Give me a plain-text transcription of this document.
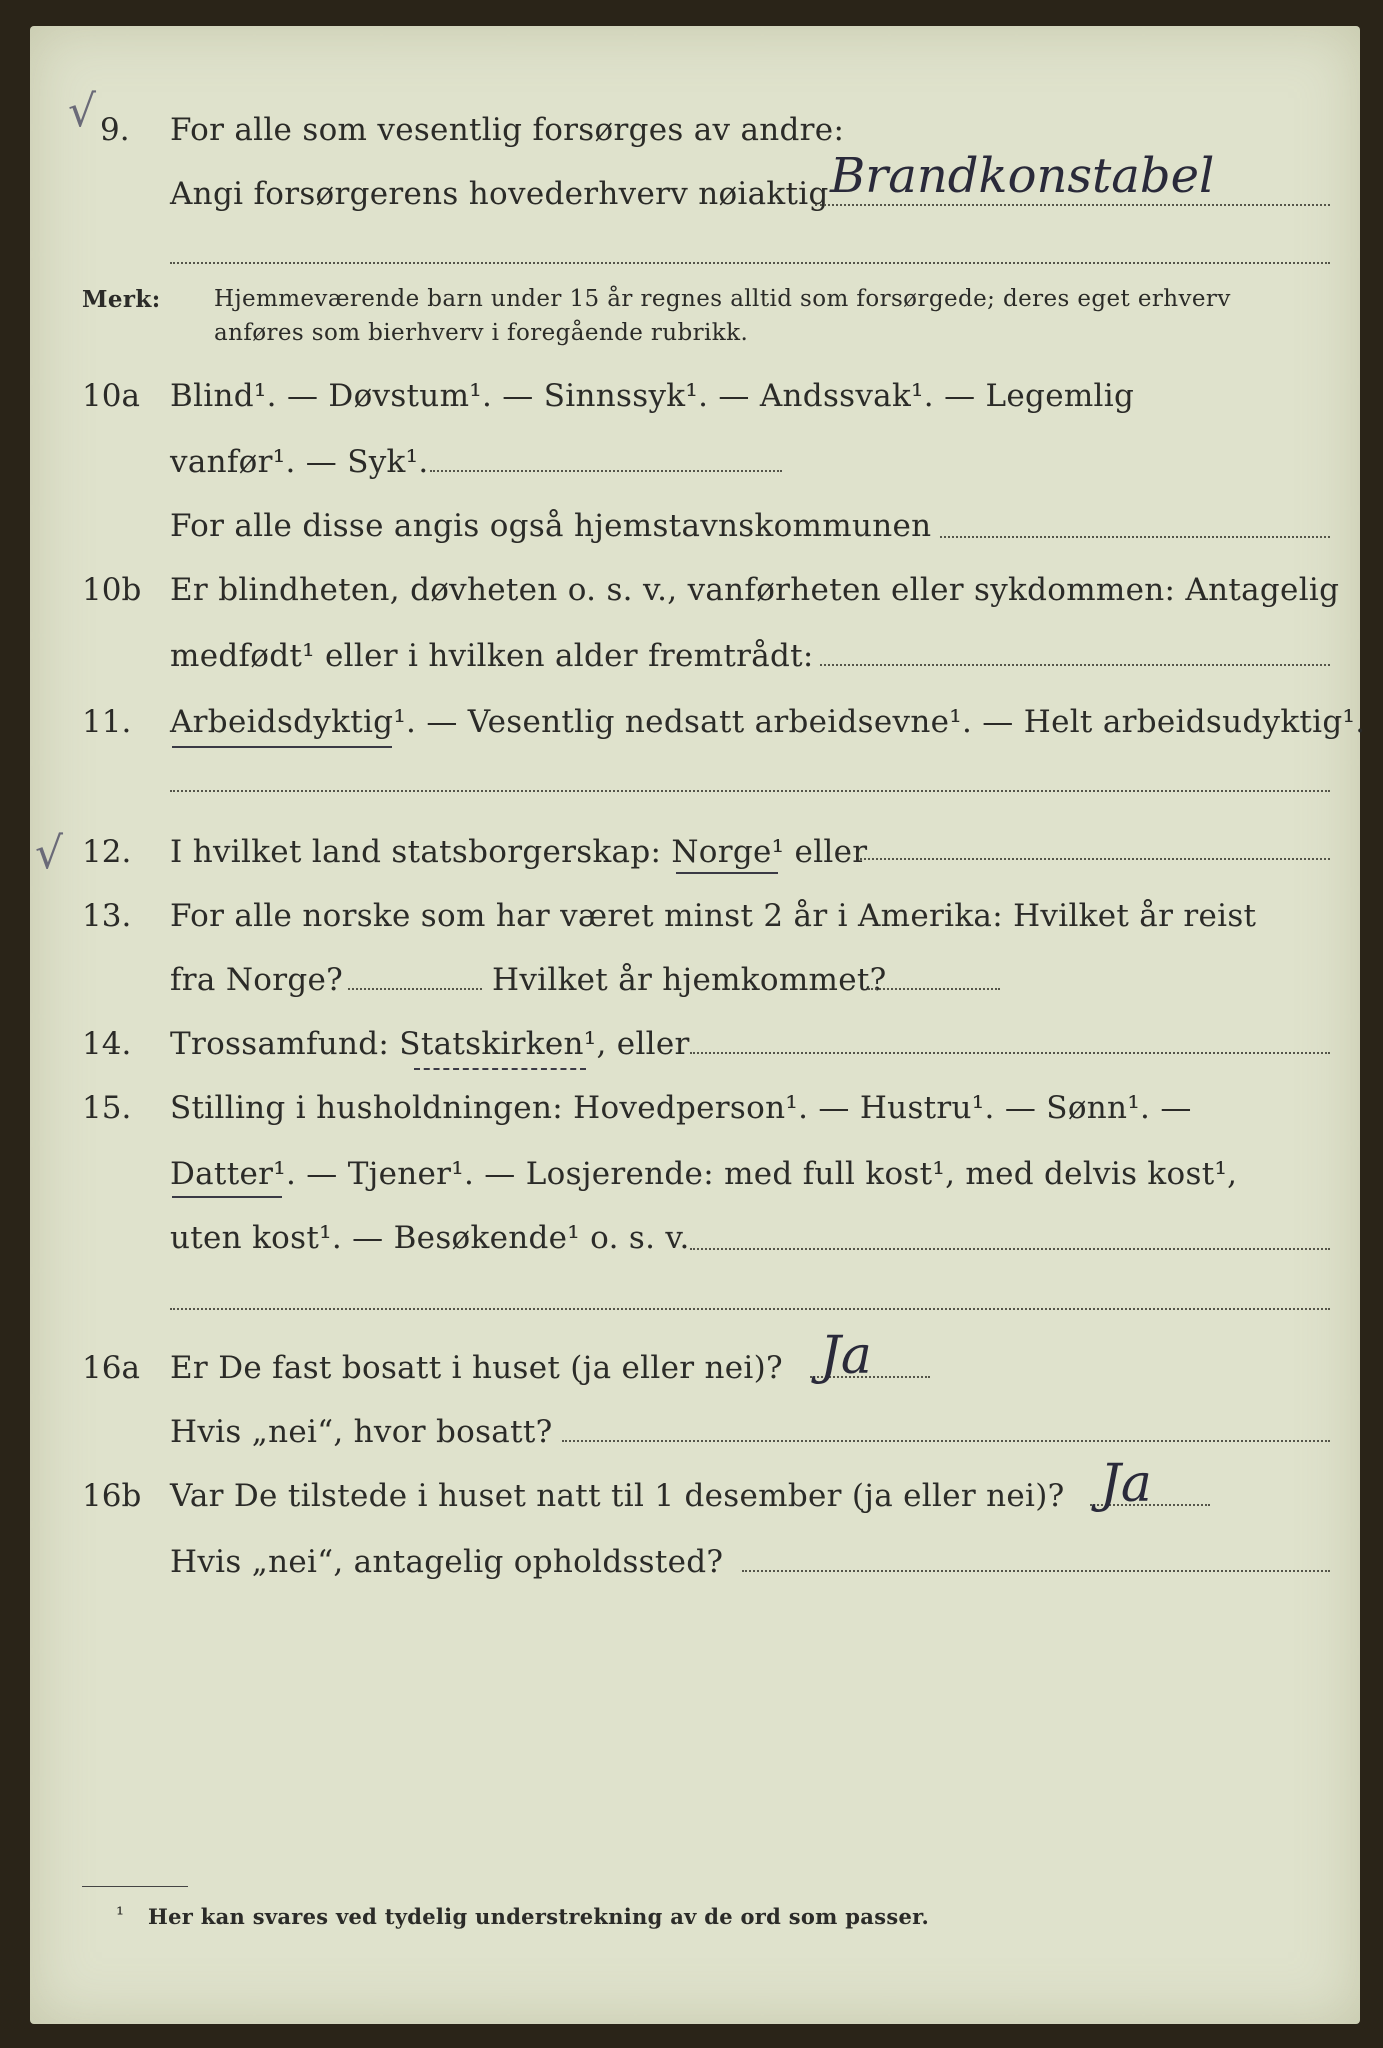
√
√
9. For alle som vesentlig forsørges av andre:
Angi forsørgerens hovederhverv nøiaktig Brandkonstabel
Merk: Hjemmeværende barn under 15 år regnes alltid som forsørgede; deres eget erhverv
anføres som bierhverv i foregående rubrikk.
10a Blind¹. — Døvstum¹. — Sinnssyk¹. — Andssvak¹. — Legemlig
vanfør¹. — Syk¹.
For alle disse angis også hjemstavnskommunen
10b Er blindheten, døvheten o. s. v., vanførheten eller sykdommen: Antagelig
medfødt¹ eller i hvilken alder fremtrådt:
11. Arbeidsdyktig¹. — Vesentlig nedsatt arbeidsevne¹. — Helt arbeidsudyktig¹.
12. I hvilket land statsborgerskap: Norge¹ eller
13. For alle norske som har været minst 2 år i Amerika: Hvilket år reist
fra Norge?	Hvilket år hjemkommet?
14. Trossamfund: Statskirken¹, eller
15. Stilling i husholdningen: Hovedperson¹. — Hustru¹. — Sønn¹. —
Datter¹. — Tjener¹. — Losjerende: med full kost¹, med delvis kost¹,
uten kost¹. — Besøkende¹ o. s. v.
16a Er De fast bosatt i huset (ja eller nei)? Ja
Hvis „nei“, hvor bosatt?
16b Var De tilstede i huset natt til 1 desember (ja eller nei)? Ja
Hvis „nei“, antagelig opholdssted?
¹ Her kan svares ved tydelig understrekning av de ord som passer.
